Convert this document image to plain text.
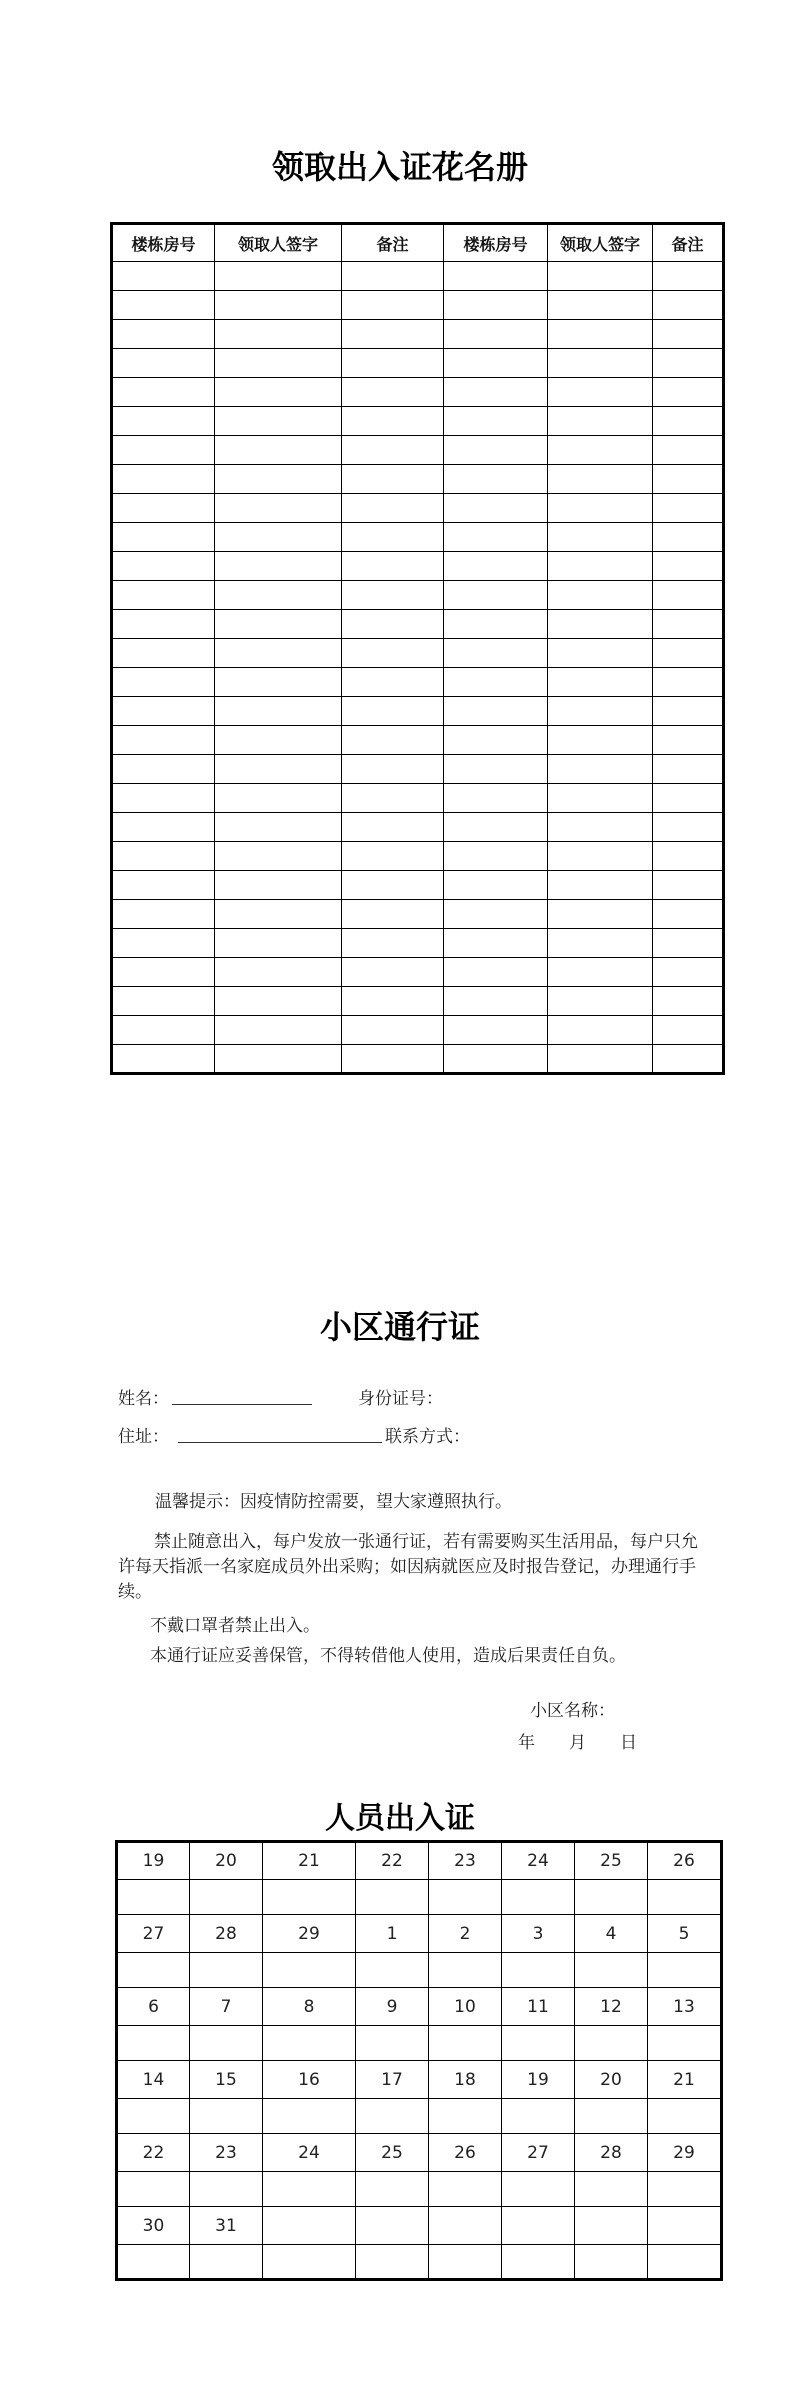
领取出入证花名册
楼栋房号	领取人签字	备注	楼栋房号	领取人签字	备注

小区通行证
姓名：	身份证号：
住址：	联系方式：
温馨提示：因疫情防控需要，望大家遵照执行。
禁止随意出入，每户发放一张通行证，若有需要购买生活用品，每户只允许每天指派一名家庭成员外出采购；如因病就医应及时报告登记，办理通行手续。
不戴口罩者禁止出入。
本通行证应妥善保管，不得转借他人使用，造成后果责任自负。
小区名称：
年　　月　　日
人员出入证
19	20	21	22	23	24	25	26

27	28	29	1	2	3	4	5

6	7	8	9	10	11	12	13

14	15	16	17	18	19	20	21

22	23	24	25	26	27	28	29

30	31						
